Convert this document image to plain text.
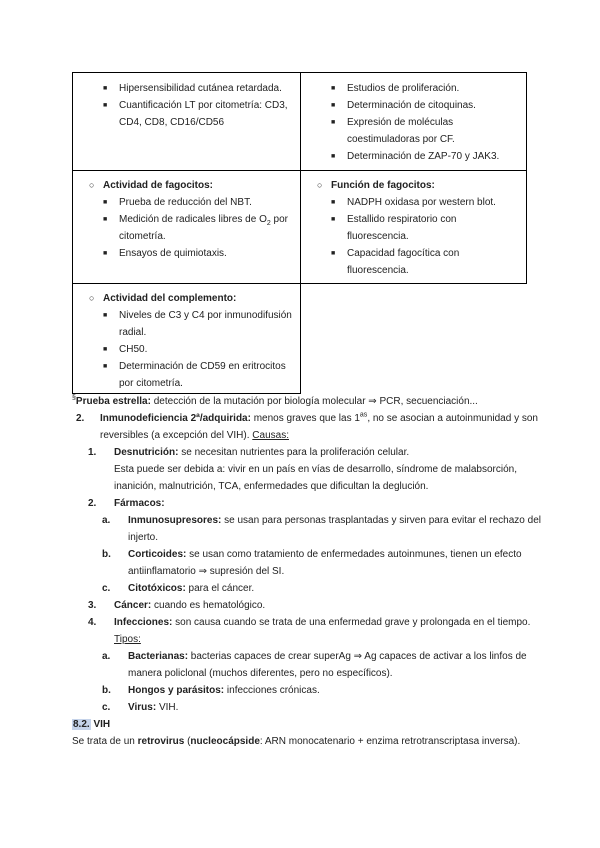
■ Hipersensibilidad cutánea retardada.
■ Cuantificación LT por citometría: CD3,
CD4, CD8, CD16/CD56
■ Estudios de proliferación.
■ Determinación de citoquinas.
■ Expresión de moléculas
coestimuladoras por CF.
■ Determinación de ZAP-70 y JAK3.
○ Actividad de fagocitos:
■ Prueba de reducción del NBT.
■ Medición de radicales libres de $O_2$ por
citometría.
■ Ensayos de quimiotaxis.
○ Función de fagocitos:
■ NADPH oxidasa por western blot.
■ Estallido respiratorio con
fluorescencia.
■ Capacidad fagocítica con
fluorescencia.
○ Actividad del complemento:
■ Niveles de C3 y C4 por inmunodifusión
radial.
■ CH50.
■ Determinación de CD59 en eritrocitos
por citometría.
§Prueba estrella: detección de la mutación por biología molecular ⇒ PCR, secuenciación...
2. Inmunodeficiencia 2ª/adquirida: menos graves que las $1^{as}$, no se asocian a autoinmunidad y son
reversibles (a excepción del VIH). Causas:
1. Desnutrición: se necesitan nutrientes para la proliferación celular.
Esta puede ser debida a: vivir en un país en vías de desarrollo, síndrome de malabsorción,
inanición, malnutrición, TCA, enfermedades que dificultan la deglución.
2. Fármacos:
a. Inmunosupresores: se usan para personas trasplantadas y sirven para evitar el rechazo del
injerto.
b. Corticoides: se usan como tratamiento de enfermedades autoinmunes, tienen un efecto
antiinflamatorio ⇒ supresión del SI.
c. Citotóxicos: para el cáncer.
3. Cáncer: cuando es hematológico.
4. Infecciones: son causa cuando se trata de una enfermedad grave y prolongada en el tiempo.
Tipos:
a. Bacterianas: bacterias capaces de crear superAg ⇒ Ag capaces de activar a los linfos de
manera policlonal (muchos diferentes, pero no específicos).
b. Hongos y parásitos: infecciones crónicas.
c. Virus: VIH.
8.2. VIH
Se trata de un retrovirus (nucleocápside: ARN monocatenario + enzima retrotranscriptasa inversa).
